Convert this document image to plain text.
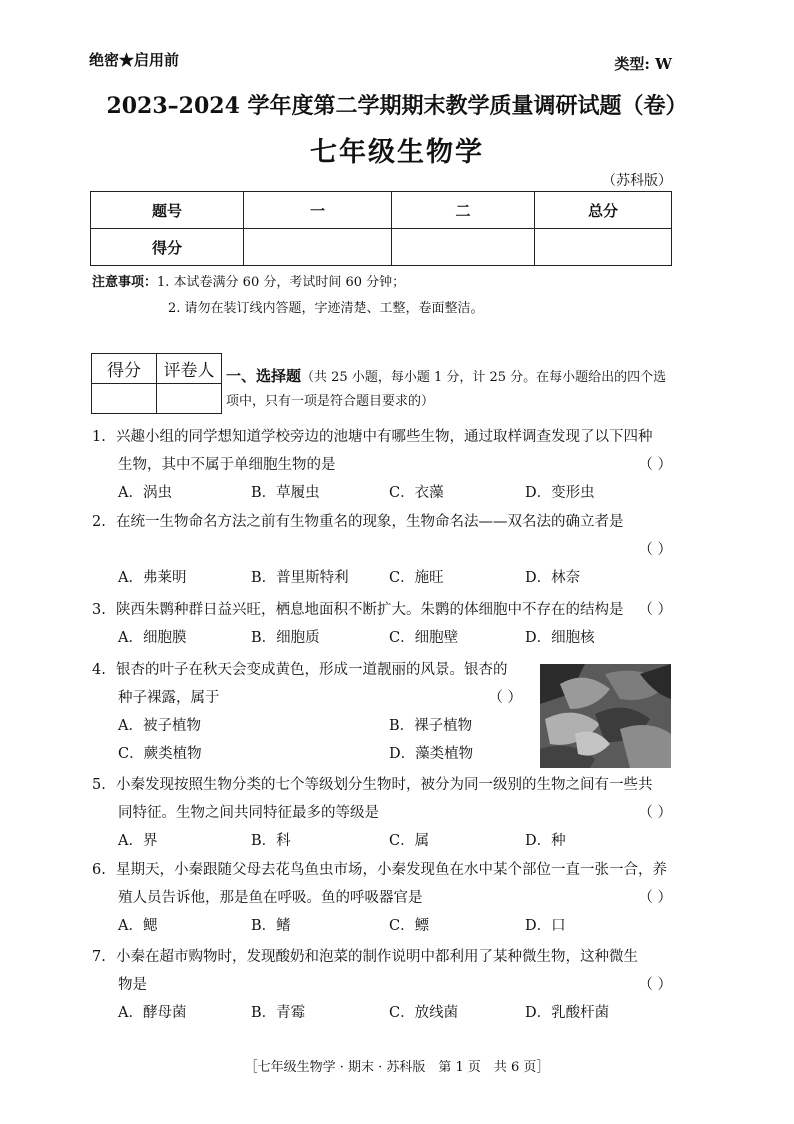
绝密★启用前	类型: W
2023–2024 学年度第二学期期末教学质量调研试题（卷）
七年级生物学
（苏科版）
题号	一	二	总分
得分			
注意事项：1. 本试卷满分 60 分，考试时间 60 分钟；
2. 请勿在装订线内答题，字迹清楚、工整，卷面整洁。
得分	评卷人
	一、选择题（共 25 小题，每小题 1 分，计 25 分。在每小题给出的四个选项中，只有一项是符合题目要求的）
1. 兴趣小组的同学想知道学校旁边的池塘中有哪些生物，通过取样调查发现了以下四种
生物，其中不属于单细胞生物的是	（ ）
A．涡虫	B．草履虫	C．衣藻	D．变形虫
2. 在统一生物命名方法之前有生物重名的现象，生物命名法——双名法的确立者是
（ ）
A．弗莱明	B．普里斯特利	C．施旺	D．林奈
3. 陕西朱鹮种群日益兴旺，栖息地面积不断扩大。朱鹮的体细胞中不存在的结构是 （ ）
A．细胞膜	B．细胞质	C．细胞壁	D．细胞核
4. 银杏的叶子在秋天会变成黄色，形成一道靓丽的风景。银杏的
种子裸露，属于	（ ）
A．被子植物	B．裸子植物
C．蕨类植物	D．藻类植物
5. 小秦发现按照生物分类的七个等级划分生物时，被分为同一级别的生物之间有一些共
同特征。生物之间共同特征最多的等级是	（ ）
A．界	B．科	C．属	D．种
6. 星期天，小秦跟随父母去花鸟鱼虫市场，小秦发现鱼在水中某个部位一直一张一合，养
殖人员告诉他，那是鱼在呼吸。鱼的呼吸器官是	（ ）
A．鳃	B．鳍	C．鳔	D．口
7. 小秦在超市购物时，发现酸奶和泡菜的制作说明中都利用了某种微生物，这种微生
物是	（ ）
A．酵母菌	B．青霉	C．放线菌	D．乳酸杆菌
［七年级生物学 · 期末 · 苏科版　第 1 页　共 6 页］
